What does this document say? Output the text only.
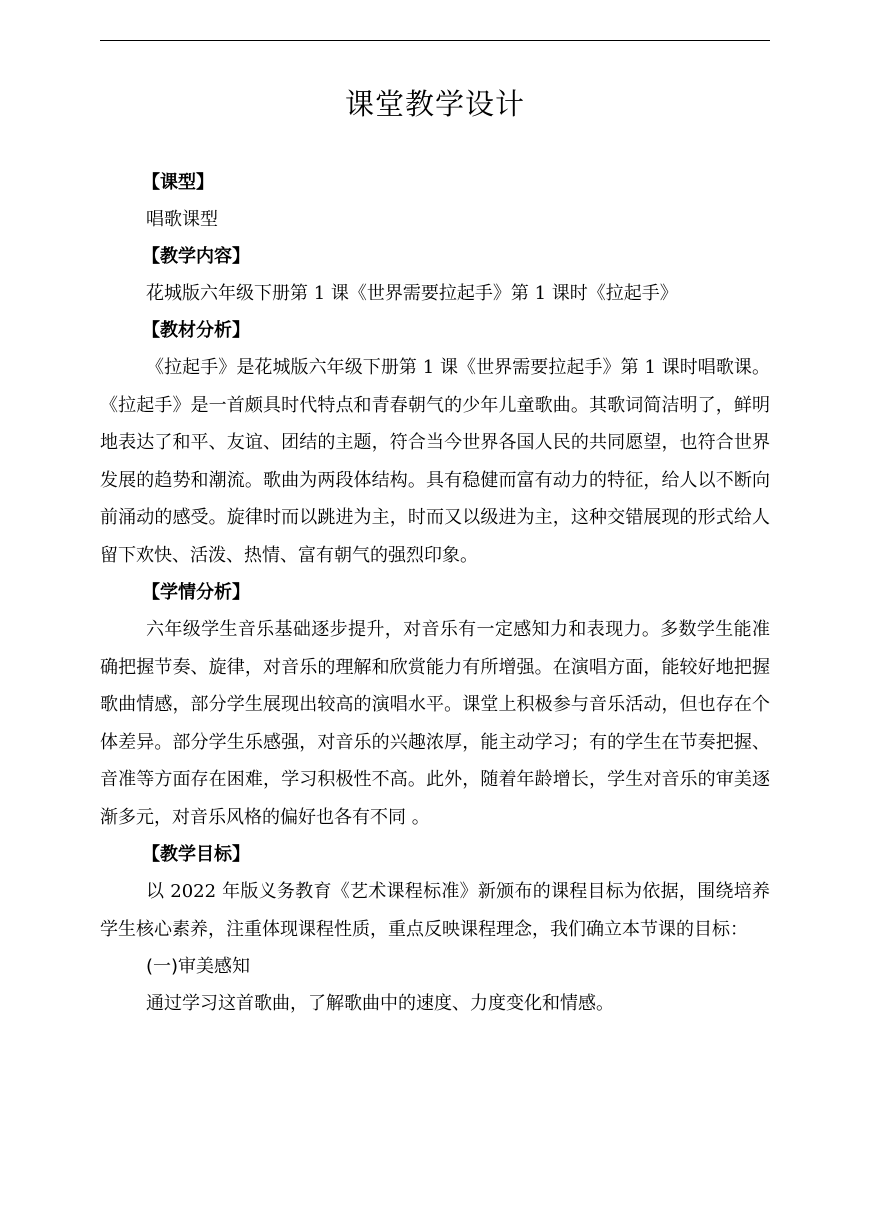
课堂教学设计
【课型】
唱歌课型
【教学内容】
花城版六年级下册第 1 课《世界需要拉起手》第 1 课时《拉起手》
【教材分析】
《拉起手》是花城版六年级下册第 1 课《世界需要拉起手》第 1 课时唱歌课。《拉起手》是一首颇具时代特点和青春朝气的少年儿童歌曲。其歌词简洁明了，鲜明地表达了和平、友谊、团结的主题，符合当今世界各国人民的共同愿望，也符合世界发展的趋势和潮流。歌曲为两段体结构。具有稳健而富有动力的特征，给人以不断向前涌动的感受。旋律时而以跳进为主，时而又以级进为主，这种交错展现的形式给人留下欢快、活泼、热情、富有朝气的强烈印象。
【学情分析】
六年级学生音乐基础逐步提升，对音乐有一定感知力和表现力。多数学生能准确把握节奏、旋律，对音乐的理解和欣赏能力有所增强。在演唱方面，能较好地把握歌曲情感，部分学生展现出较高的演唱水平。课堂上积极参与音乐活动，但也存在个体差异。部分学生乐感强，对音乐的兴趣浓厚，能主动学习；有的学生在节奏把握、音准等方面存在困难，学习积极性不高。此外，随着年龄增长，学生对音乐的审美逐渐多元，对音乐风格的偏好也各有不同 。
【教学目标】
以 2022 年版义务教育《艺术课程标准》新颁布的课程目标为依据，围绕培养学生核心素养，注重体现课程性质，重点反映课程理念，我们确立本节课的目标：
(一)审美感知
通过学习这首歌曲，了解歌曲中的速度、力度变化和情感。
